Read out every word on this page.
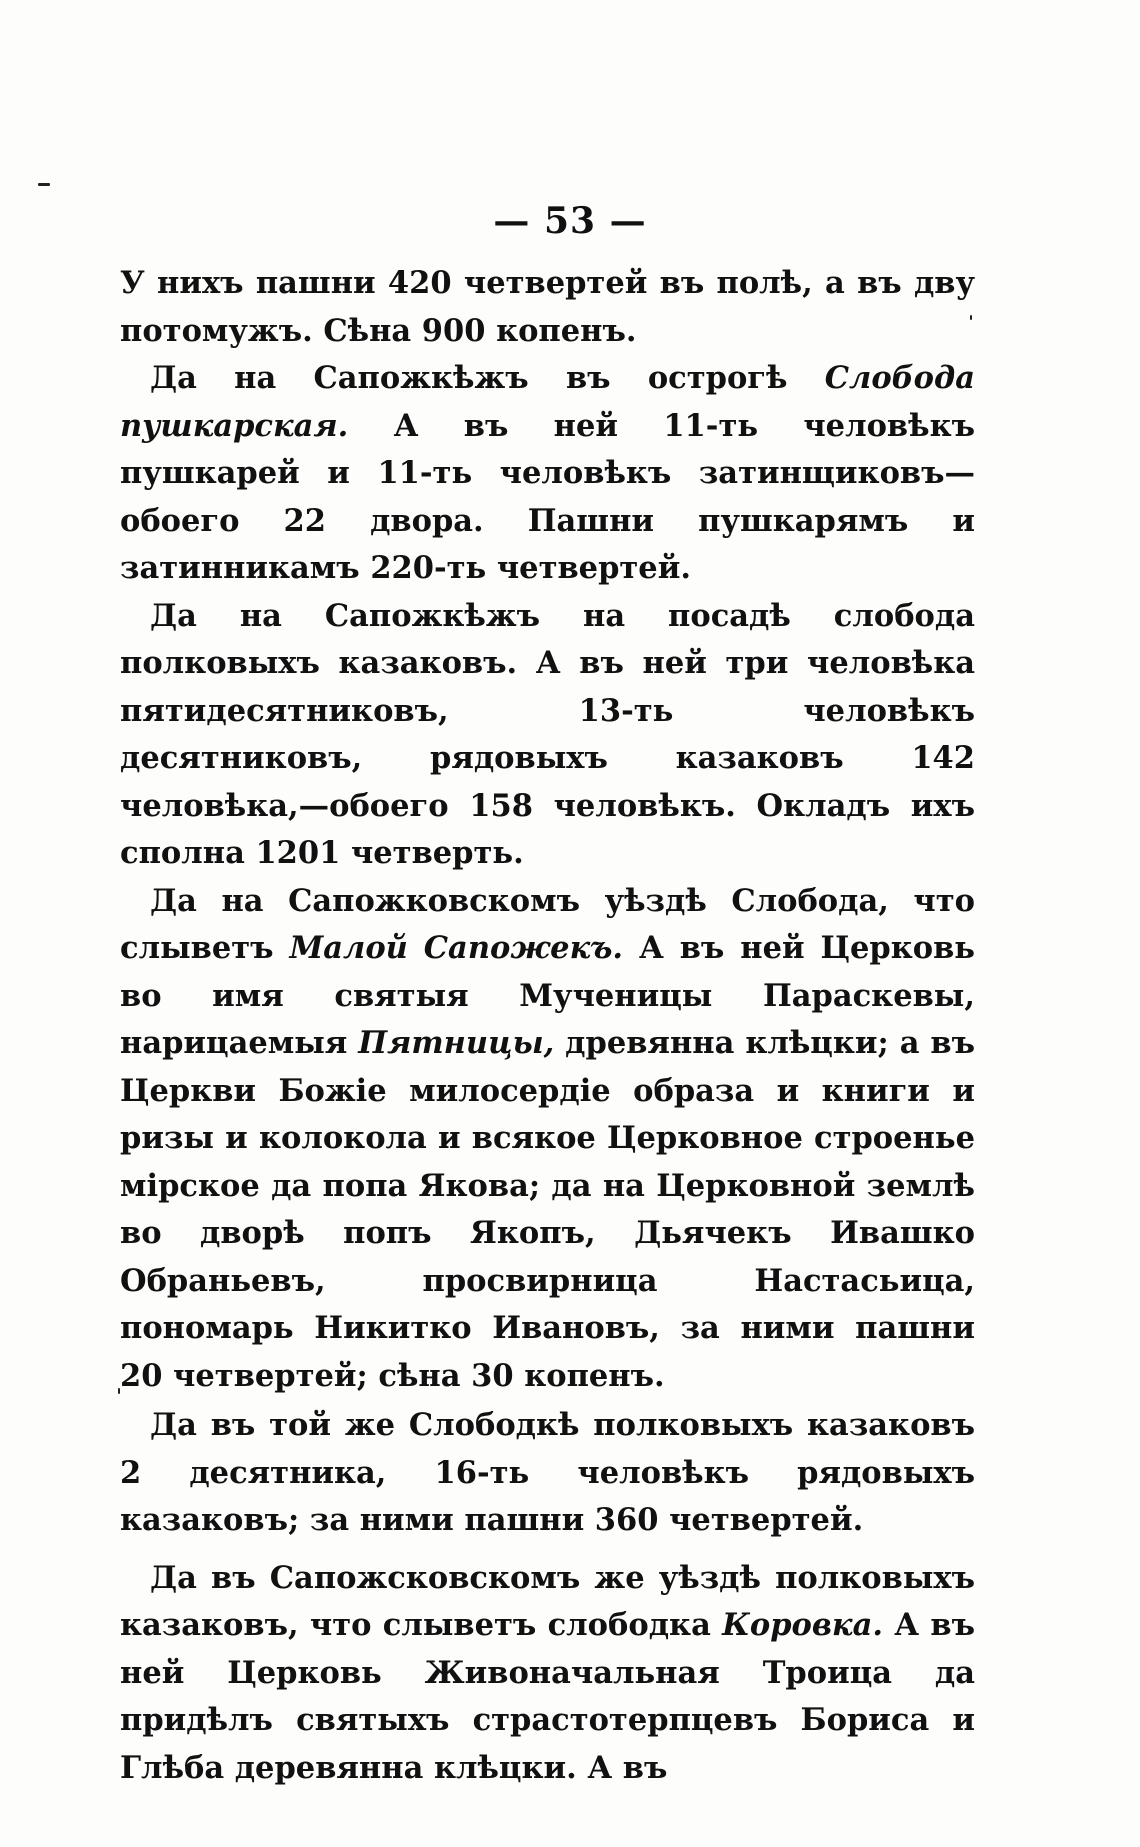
— 53 —

У нихъ пашни 420 четвертей въ полѣ, а въ дву потомужъ. Сѣна 900 копенъ.

Да на Сапожкѣжъ въ острогѣ Слобода пушкарская. А въ ней 11-ть человѣкъ пушкарей и 11-ть человѣкъ затинщиковъ—обоего 22 двора. Пашни пушкарямъ и затинникамъ 220-ть четвертей.

Да на Сапожкѣжъ на посадѣ слобода полковыхъ казаковъ. А въ ней три человѣка пятидесятниковъ, 13-ть человѣкъ десятниковъ, рядовыхъ казаковъ 142 человѣка,—обоего 158 человѣкъ. Окладъ ихъ сполна 1201 четверть.

Да на Сапожковскомъ уѣздѣ Слобода, что слыветъ Малой Сапожекъ. А въ ней Церковь во имя святыя Мученицы Параскевы, нарицаемыя Пятницы, древянна клѣцки; а въ Церкви Божіе милосердіе образа и книги и ризы и колокола и всякое Церковное строенье мірское да попа Якова; да на Церковной землѣ во дворѣ попъ Якопъ, Дьячекъ Ивашко Обраньевъ, просвирница Настасьица, пономарь Никитко Ивановъ, за ними пашни 20 четвертей; сѣна 30 копенъ.

Да въ той же Слободкѣ полковыхъ казаковъ 2 десятника, 16-ть человѣкъ рядовыхъ казаковъ; за ними пашни 360 четвертей.

Да въ Сапожсковскомъ же уѣздѣ полковыхъ казаковъ, что слыветъ слободка Коровка. А въ ней Церковь Живоначальная Троица да придѣлъ святыхъ страстотерпцевъ Бориса и Глѣба деревянна клѣцки. А въ
